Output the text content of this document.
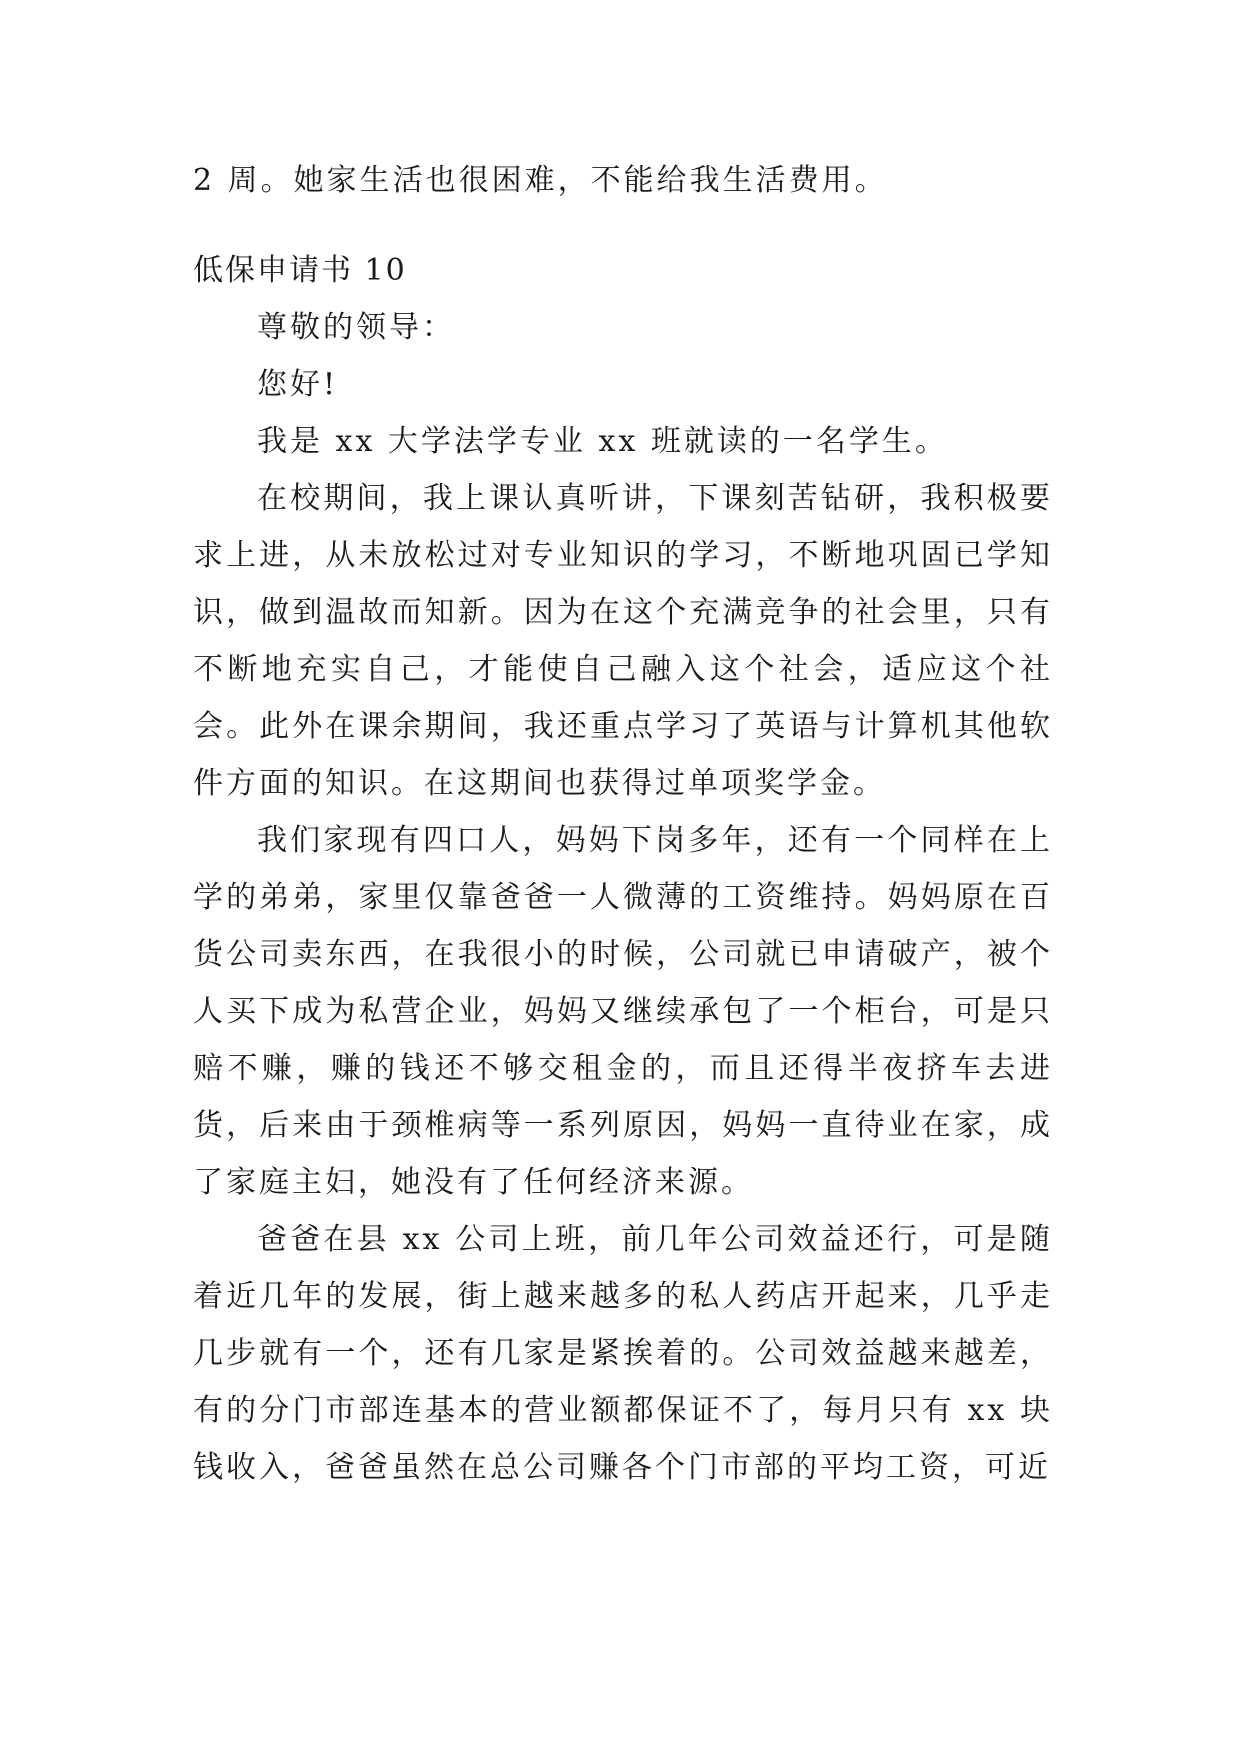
2 周。她家生活也很困难，不能给我生活费用。

低保申请书 10

尊敬的领导：

您好!

我是 xx 大学法学专业 xx 班就读的一名学生。

在校期间，我上课认真听讲，下课刻苦钻研，我积极要求上进，从未放松过对专业知识的学习，不断地巩固已学知识，做到温故而知新。因为在这个充满竞争的社会里，只有不断地充实自己，才能使自己融入这个社会，适应这个社会。此外在课余期间，我还重点学习了英语与计算机其他软件方面的知识。在这期间也获得过单项奖学金。

我们家现有四口人，妈妈下岗多年，还有一个同样在上学的弟弟，家里仅靠爸爸一人微薄的工资维持。妈妈原在百货公司卖东西，在我很小的时候，公司就已申请破产，被个人买下成为私营企业，妈妈又继续承包了一个柜台，可是只赔不赚，赚的钱还不够交租金的，而且还得半夜挤车去进货，后来由于颈椎病等一系列原因，妈妈一直待业在家，成了家庭主妇，她没有了任何经济来源。

爸爸在县 xx 公司上班，前几年公司效益还行，可是随着近几年的发展，街上越来越多的私人药店开起来，几乎走几步就有一个，还有几家是紧挨着的。公司效益越来越差，有的分门市部连基本的营业额都保证不了，每月只有 xx 块钱收入，爸爸虽然在总公司赚各个门市部的平均工资，可近
